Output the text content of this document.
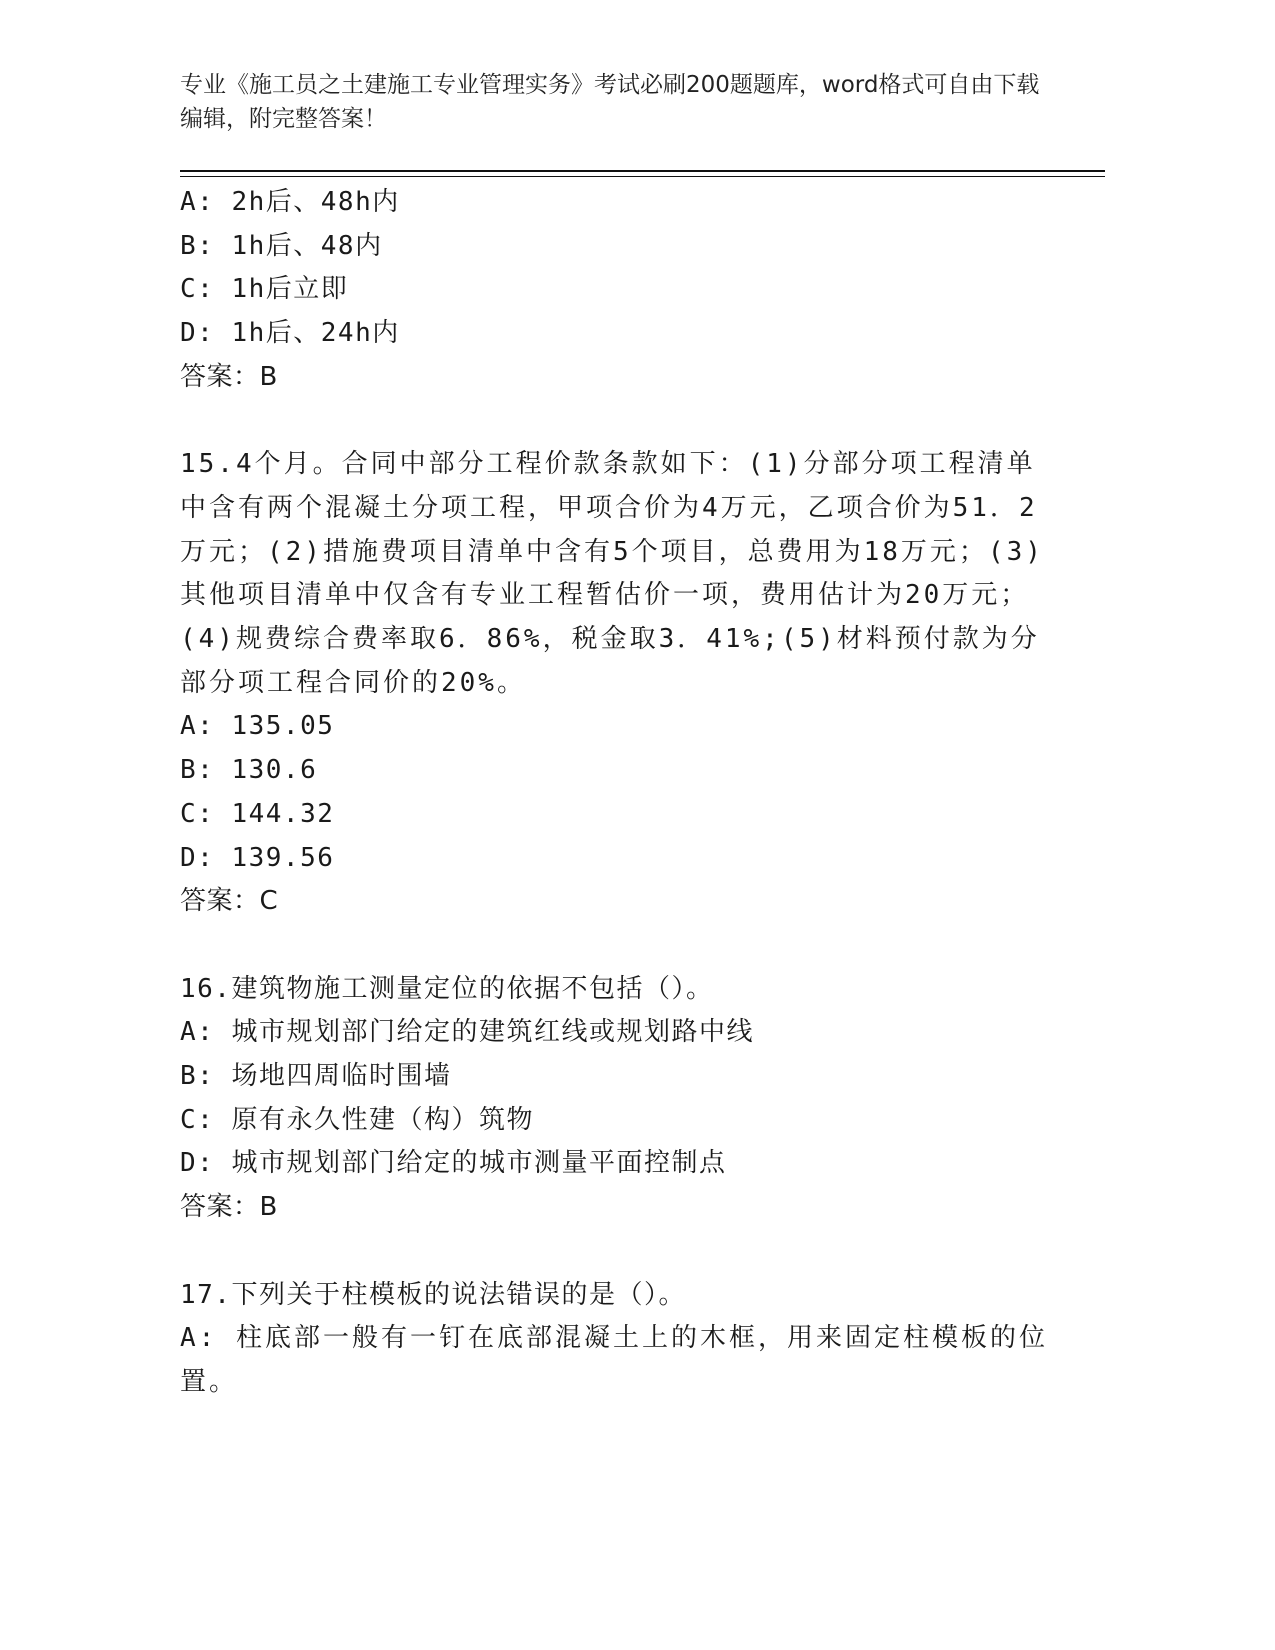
专业《施工员之土建施工专业管理实务》考试必刷200题题库，word格式可自由下载编辑，附完整答案！
A: 2h后、48h内
B: 1h后、48内
C: 1h后立即
D: 1h后、24h内
答案：B
15.4个月。合同中部分工程价款条款如下：(1)分部分项工程清单中含有两个混凝土分项工程，甲项合价为4万元，乙项合价为51．2万元；(2)措施费项目清单中含有5个项目，总费用为18万元；(3)其他项目清单中仅含有专业工程暂估价一项，费用估计为20万元；(4)规费综合费率取6．86%，税金取3．41%;(5)材料预付款为分部分项工程合同价的20%。
A: 135.05
B: 130.6
C: 144.32
D: 139.56
答案：C
16.建筑物施工测量定位的依据不包括（）。
A: 城市规划部门给定的建筑红线或规划路中线
B: 场地四周临时围墙
C: 原有永久性建（构）筑物
D: 城市规划部门给定的城市测量平面控制点
答案：B
17.下列关于柱模板的说法错误的是（）。
A: 柱底部一般有一钉在底部混凝土上的木框，用来固定柱模板的位置。
